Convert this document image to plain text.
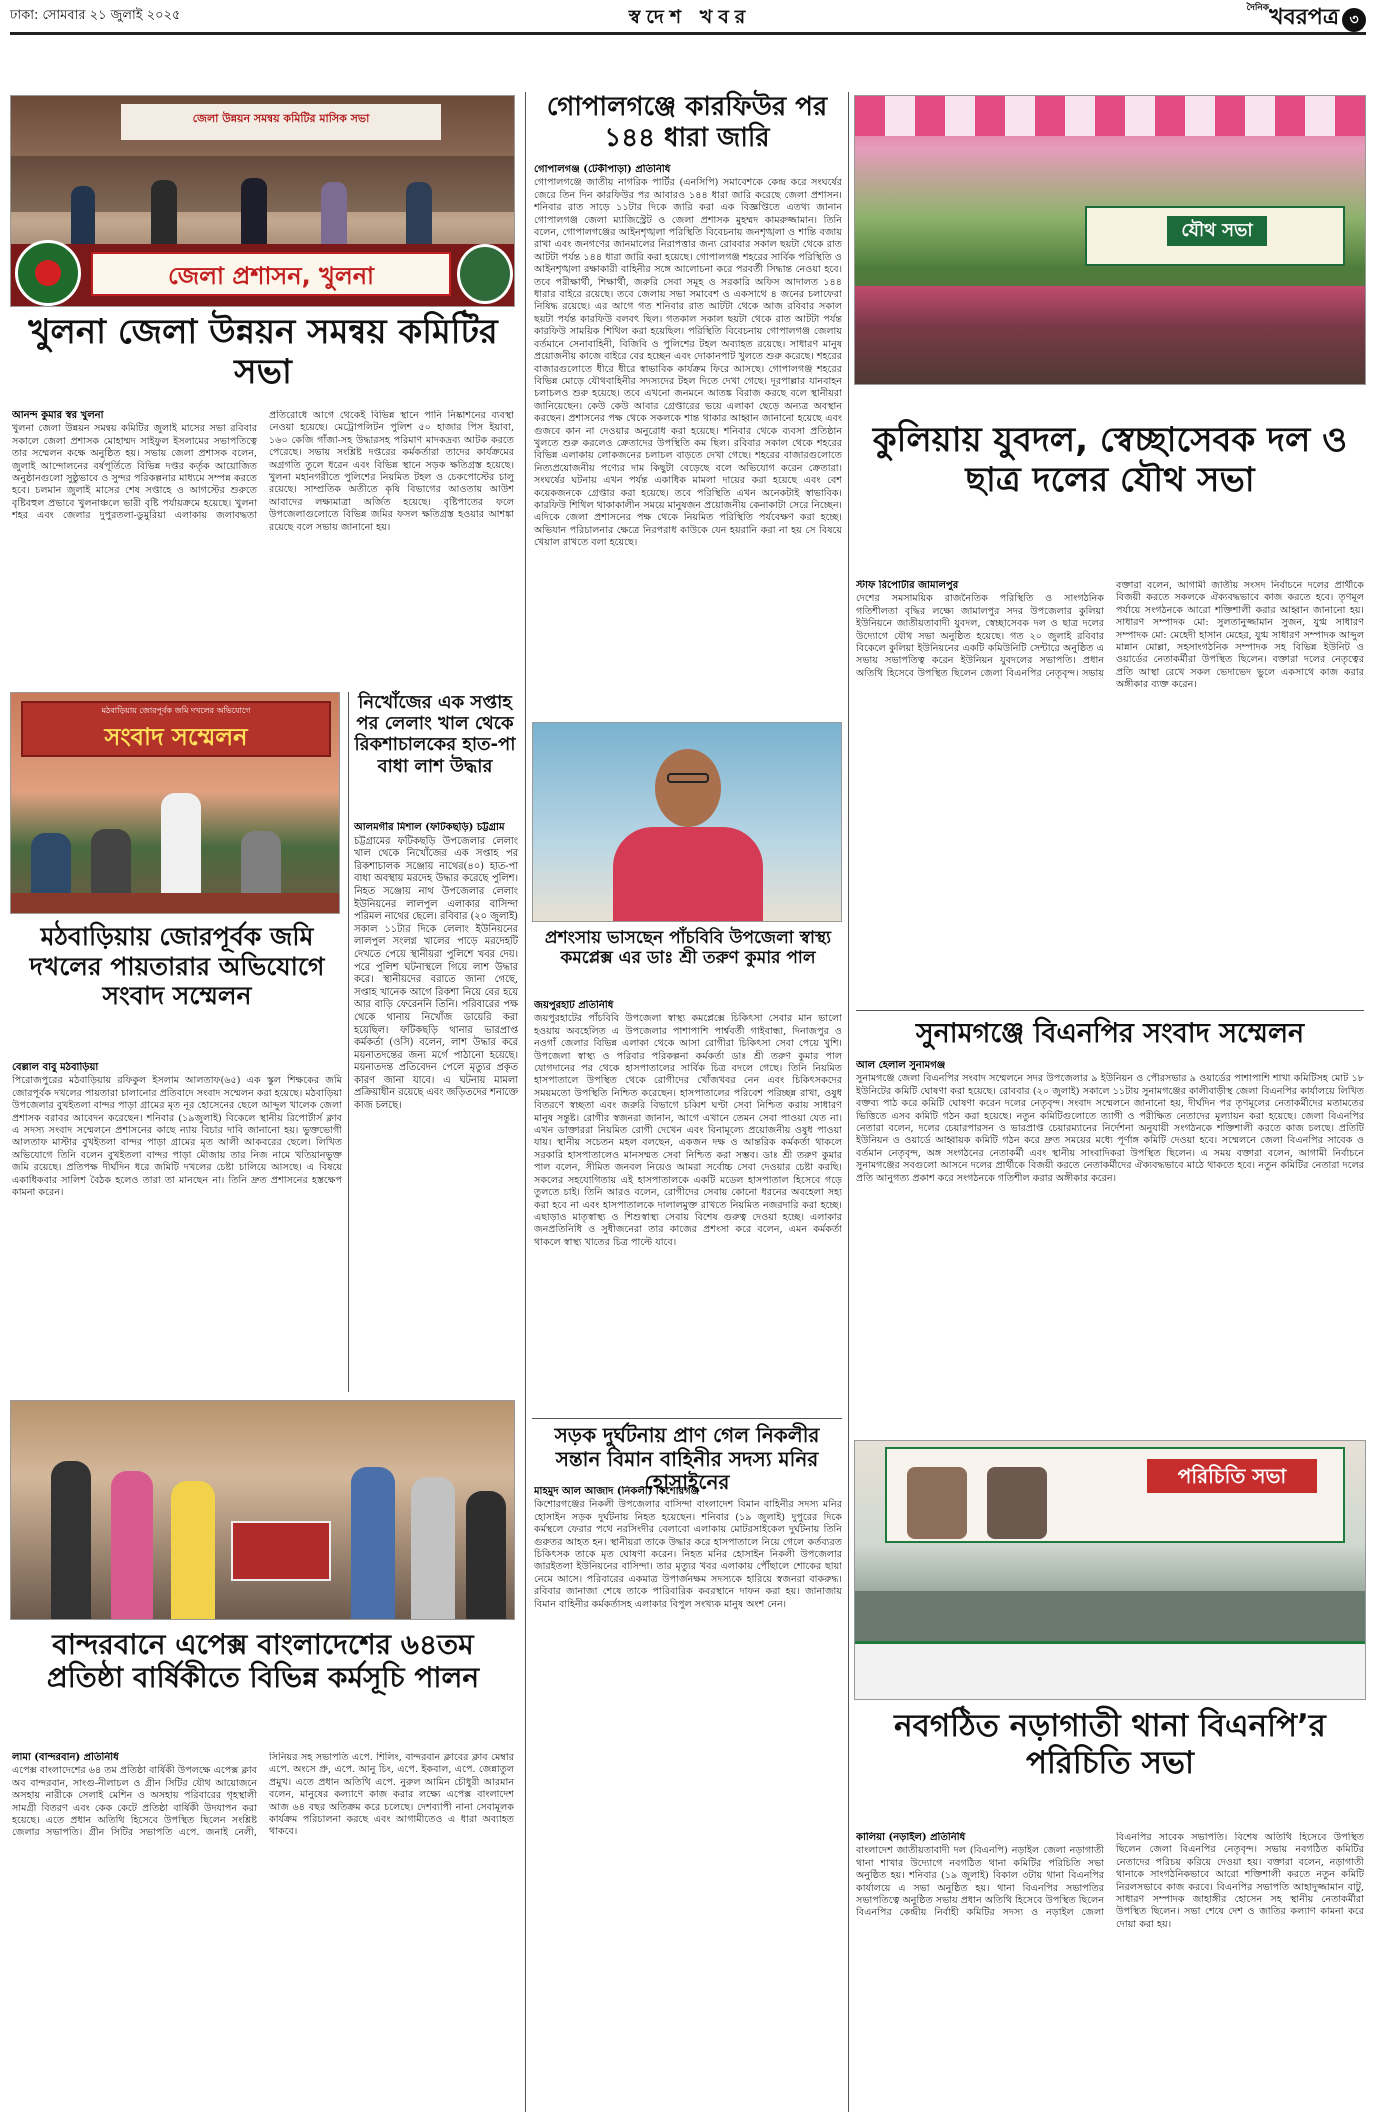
ঢাকা: সোমবার ২১ জুলাই ২০২৫	স্বদেশ খবর	$^{দৈনিক}$খবরপত্র ৩
জেলা উন্নয়ন সমন্বয় কমিটির মাসিক সভা
জেলা প্রশাসন, খুলনা
খুলনা জেলা উন্নয়ন সমন্বয় কমিটির সভা
আনন্দ কুমার স্বর খুলনা

খুলনা জেলা উন্নয়ন সমন্বয় কমিটির জুলাই মাসের সভা রবিবার সকালে জেলা প্রশাসক মোহাম্মদ সাইফুল ইসলামের সভাপতিত্বে তার সম্মেলন কক্ষে অনুষ্ঠিত হয়। সভায় জেলা প্রশাসক বলেন, জুলাই আন্দোলনের বর্ষপূর্তিতে বিভিন্ন দপ্তর কর্তৃক আয়োজিত অনুষ্ঠানগুলো সুষ্ঠুভাবে ও সুন্দর পরিকল্পনার মাধ্যমে সম্পন্ন করতে হবে। চলমান জুলাই মাসের শেষ সপ্তাহে ও আগস্টের শুরুতে বৃষ্টিবহুল প্রভাবে খুলনাঞ্চলে ভারী বৃষ্টি পর্যায়ক্রমে হয়েছে। খুলনা শহর এবং জেলার দুপুরতলা-ডুমুরিয়া এলাকায় জলাবদ্ধতা প্রতিরোধে আগে থেকেই বিভিন্ন স্থানে পানি নিষ্কাশনের ব্যবস্থা নেওয়া হয়েছে। মেট্রোপলিটন পুলিশ ৫০ হাজার পিস ইয়াবা, ১৬০ কেজি গাঁজা-সহ উদ্ধারসহ পরিমাণ মাদকদ্রব্য আটক করতে পেরেছে। সভায় সংশ্লিষ্ট দপ্তরের কর্মকর্তারা তাদের কার্যক্রমের অগ্রগতি তুলে ধরেন এবং বিভিন্ন স্থানে সড়ক ক্ষতিগ্রস্ত হয়েছে। খুলনা মহানগরীতে পুলিশের নিয়মিত টহল ও চেকপোস্টের চালু রয়েছে। সাম্প্রতিক অতীতে কৃষি বিভাগের আওতায় আউশ আবাদের লক্ষ্যমাত্রা অর্জিত হয়েছে। বৃষ্টিপাতের ফলে উপজেলাগুলোতে বিভিন্ন জমির ফসল ক্ষতিগ্রস্ত হওয়ার আশঙ্কা রয়েছে বলে সভায় জানানো হয়।

মঠবাড়িয়ায় জোরপূর্বক জমি দখলের অভিযোগে
সংবাদ সম্মেলন
মঠবাড়িয়ায় জোরপূর্বক জমি দখলের পায়তারার অভিযোগে সংবাদ সম্মেলন
বেল্লাল বাবু মঠবাড়িয়া

পিরোজপুরের মঠবাড়িয়ায় রফিকুল ইসলাম আলতাফ(৬৫) এক স্কুল শিক্ষকের জমি জোরপূর্বক দখলের পায়তারা চালানোর প্রতিবাদে সংবাদ সম্মেলন করা হয়েছে। মঠবাড়িয়া উপজেলার বুখইতলা বান্দর পাড়া গ্রামের মৃত নূর হোসেনের ছেলে আব্দুল খালেক জেলা প্রশাসক বরাবর আবেদন করেছেন। শনিবার (১৯জুলাই) বিকেলে স্থানীয় রিপোর্টার্স ক্লাব এ সদস্য সংবাদ সম্মেলনে প্রশাসনের কাছে ন্যায় বিচার দাবি জানানো হয়। ভুক্তভোগী আলতাফ মাস্টার বুখইতলা বান্দর পাড়া গ্রামের মৃত আলী আকবরের ছেলে। লিখিত অভিযোগে তিনি বলেন বুখইতলা বান্দর পাড়া মৌজায় তার নিজ নামে খতিয়ানভুক্ত জমি রয়েছে। প্রতিপক্ষ দীর্ঘদিন ধরে জমিটি দখলের চেষ্টা চালিয়ে আসছে। এ বিষয়ে একাধিকবার সালিশ বৈঠক হলেও তারা তা মানছেন না। তিনি দ্রুত প্রশাসনের হস্তক্ষেপ কামনা করেন।

নিখোঁজের এক সপ্তাহ পর লেলাং খাল থেকে রিকশাচালকের হাত-পা বাধা লাশ উদ্ধার
আলমগীর মিশাল (ফটিকছড়ি) চট্টগ্রাম

চট্টগ্রামের ফটিকছড়ি উপজেলার লেলাং খাল থেকে নিখোঁজের এক সপ্তাহ পর রিকশাচালক সঞ্জোয় নাথের(৪০) হাত-পা বাধা অবস্থায় মরদেহ উদ্ধার করেছে পুলিশ। নিহত সঞ্জোয় নাথ উপজেলার লেলাং ইউনিয়নের লালপুল এলাকার বাসিন্দা পরিমল নাথের ছেলে। রবিবার (২০ জুলাই) সকাল ১১টার দিকে লেলাং ইউনিয়নের লালপুল সংলগ্ন খালের পাড়ে মরদেহটি দেখতে পেয়ে স্থানীয়রা পুলিশে খবর দেয়। পরে পুলিশ ঘটনাস্থলে গিয়ে লাশ উদ্ধার করে। স্থানীয়দের বরাতে জানা গেছে, সপ্তাহ খানেক আগে রিকশা নিয়ে বের হয়ে আর বাড়ি ফেরেননি তিনি। পরিবারের পক্ষ থেকে থানায় নিখোঁজ ডায়েরি করা হয়েছিল। ফটিকছড়ি থানার ভারপ্রাপ্ত কর্মকর্তা (ওসি) বলেন, লাশ উদ্ধার করে ময়নাতদন্তের জন্য মর্গে পাঠানো হয়েছে। ময়নাতদন্ত প্রতিবেদন পেলে মৃত্যুর প্রকৃত কারণ জানা যাবে। এ ঘটনায় মামলা প্রক্রিয়াধীন রয়েছে এবং জড়িতদের শনাক্তে কাজ চলছে।

বান্দরবানে এপেক্স বাংলাদেশের ৬৪তম প্রতিষ্ঠা বার্ষিকীতে বিভিন্ন কর্মসূচি পালন
লামা (বান্দরবান) প্রতিনিধি

এপেক্স বাংলাদেশের ৬৪ তম প্রতিষ্ঠা বার্ষিকী উপলক্ষে এপেক্স ক্লাব অব বান্দরবান, সাংগু-নীলাচল ও গ্রীন সিটির যৌথ আয়োজনে অসহায় নারীকে সেলাই মেশিন ও অসহায় পরিবারের গৃহস্থালী সামগ্রী বিতরণ এবং কেক কেটে প্রতিষ্ঠা বার্ষিকী উদযাপন করা হয়েছে। এতে প্রধান অতিথি হিসেবে উপস্থিত ছিলেন সংশ্লিষ্ট জেলার সভাপতি। গ্রীন সিটির সভাপতি এপে. জনাই নেলী, সিনিয়র সহ সভাপতি এপে. শিলিং, বান্দরবান ক্লাবের ক্লাব মেম্বার এপে. অংসে প্রু, এপে. আনু চিং, এপে. ইকবাল, এপে. জেন্নাতুল প্রমুখ। এতে প্রধান অতিথি এপে. নুরুল আমিন চৌধুরী আরমান বলেন, মানুষের কল্যাণে কাজ করার লক্ষ্যে এপেক্স বাংলাদেশ আজ ৬৪ বছর অতিক্রম করে চলেছে। দেশব্যাপী নানা সেবামূলক কার্যক্রম পরিচালনা করছে এবং আগামীতেও এ ধারা অব্যাহত থাকবে।

গোপালগঞ্জে কারফিউর পর ১৪৪ ধারা জারি
গোপালগঞ্জ (টেকীপাড়া) প্রতিনিধি

গোপালগঞ্জে জাতীয় নাগরিক পার্টির (এনসিপি) সমাবেশকে কেন্দ্র করে সংঘর্ষের জেরে তিন দিন কারফিউর পর আবারও ১৪৪ ধারা জারি করেছে জেলা প্রশাসন। শনিবার রাত সাড়ে ১১টার দিকে জারি করা এক বিজ্ঞপ্তিতে এতথ্য জানান গোপালগঞ্জ জেলা ম্যাজিস্ট্রেট ও জেলা প্রশাসক মুহম্মদ কামরুজ্জামান। তিনি বলেন, গোপালগঞ্জের আইনশৃঙ্খলা পরিস্থিতি বিবেচনায় জনশৃঙ্খলা ও শান্তি বজায় রাখা এবং জনগণের জানমালের নিরাপত্তার জন্য রোববার সকাল ছয়টা থেকে রাত আটটা পর্যন্ত ১৪৪ ধারা জারি করা হয়েছে। গোপালগঞ্জ শহরের সার্বিক পরিস্থিতি ও আইনশৃঙ্খলা রক্ষাকারী বাহিনীর সঙ্গে আলোচনা করে পরবর্তী সিদ্ধান্ত নেওয়া হবে। তবে পরীক্ষার্থী, শিক্ষার্থী, জরুরি সেবা সমূহ ও সরকারি অফিস আদালত ১৪৪ ধারার বাইরে রয়েছে। তবে জেলায় সভা সমাবেশ ও একসাথে ৪ জনের চলাফেরা নিষিদ্ধ রয়েছে। এর আগে গত শনিবার রাত আটটা থেকে আজ রবিবার সকাল ছয়টা পর্যন্ত কারফিউ বলবৎ ছিল। গতকাল সকাল ছয়টা থেকে রাত আটটা পর্যন্ত কারফিউ সাময়িক শিথিল করা হয়েছিল। পরিস্থিতি বিবেচনায় গোপালগঞ্জ জেলায় বর্তমানে সেনাবাহিনী, বিজিবি ও পুলিশের টহল অব্যাহত রয়েছে। সাধারণ মানুষ প্রয়োজনীয় কাজে বাইরে বের হচ্ছেন এবং দোকানপাট খুলতে শুরু করেছে। শহরের বাজারগুলোতে ধীরে ধীরে স্বাভাবিক কার্যক্রম ফিরে আসছে। গোপালগঞ্জ শহরের বিভিন্ন মোড়ে যৌথবাহিনীর সদস্যদের টহল দিতে দেখা গেছে। দূরপাল্লার যানবাহন চলাচলও শুরু হয়েছে। তবে এখনো জনমনে আতঙ্ক বিরাজ করছে বলে স্থানীয়রা জানিয়েছেন। কেউ কেউ আবার গ্রেপ্তারের ভয়ে এলাকা ছেড়ে অন্যত্র অবস্থান করছেন। প্রশাসনের পক্ষ থেকে সকলকে শান্ত থাকার আহ্বান জানানো হয়েছে এবং গুজবে কান না দেওয়ার অনুরোধ করা হয়েছে। শনিবার থেকে ব্যবসা প্রতিষ্ঠান খুলতে শুরু করলেও ক্রেতাদের উপস্থিতি কম ছিল। রবিবার সকাল থেকে শহরের বিভিন্ন এলাকায় লোকজনের চলাচল বাড়তে দেখা গেছে। শহরের বাজারগুলোতে নিত্যপ্রয়োজনীয় পণ্যের দাম কিছুটা বেড়েছে বলে অভিযোগ করেন ক্রেতারা। সংঘর্ষের ঘটনায় এখন পর্যন্ত একাধিক মামলা দায়ের করা হয়েছে এবং বেশ কয়েকজনকে গ্রেপ্তার করা হয়েছে। তবে পরিস্থিতি এখন অনেকটাই স্বাভাবিক। কারফিউ শিথিল থাকাকালীন সময়ে মানুষজন প্রয়োজনীয় কেনাকাটা সেরে নিচ্ছেন। এদিকে জেলা প্রশাসনের পক্ষ থেকে নিয়মিত পরিস্থিতি পর্যবেক্ষণ করা হচ্ছে। অভিযান পরিচালনার ক্ষেত্রে নিরপরাধ কাউকে যেন হয়রানি করা না হয় সে বিষয়ে খেয়াল রাখতে বলা হয়েছে।

প্রশংসায় ভাসছেন পাঁচবিবি উপজেলা স্বাস্থ্য কমপ্লেক্স এর ডাঃ শ্রী তরুণ কুমার পাল
জয়পুরহাট প্রতিনিধি

জয়পুরহাটের পাঁচবিবি উপজেলা স্বাস্থ্য কমপ্লেক্সে চিকিৎসা সেবার মান ভালো হওয়ায় অবহেলিত এ উপজেলার পাশাপাশি পার্শ্ববর্তী গাইবান্ধা, দিনাজপুর ও নওগাঁ জেলার বিভিন্ন এলাকা থেকে আসা রোগীরা চিকিৎসা সেবা পেয়ে খুশি। উপজেলা স্বাস্থ্য ও পরিবার পরিকল্পনা কর্মকর্তা ডাঃ শ্রী তরুণ কুমার পাল যোগদানের পর থেকে হাসপাতালের সার্বিক চিত্র বদলে গেছে। তিনি নিয়মিত হাসপাতালে উপস্থিত থেকে রোগীদের খোঁজখবর নেন এবং চিকিৎসকদের সময়মতো উপস্থিতি নিশ্চিত করেছেন। হাসপাতালের পরিবেশ পরিচ্ছন্ন রাখা, ওষুধ বিতরণে স্বচ্ছতা এবং জরুরি বিভাগে চব্বিশ ঘণ্টা সেবা নিশ্চিত করায় সাধারণ মানুষ সন্তুষ্ট। রোগীর স্বজনরা জানান, আগে এখানে তেমন সেবা পাওয়া যেত না। এখন ডাক্তাররা নিয়মিত রোগী দেখেন এবং বিনামূল্যে প্রয়োজনীয় ওষুধ পাওয়া যায়। স্থানীয় সচেতন মহল বলছেন, একজন দক্ষ ও আন্তরিক কর্মকর্তা থাকলে সরকারি হাসপাতালেও মানসম্মত সেবা নিশ্চিত করা সম্ভব। ডাঃ শ্রী তরুণ কুমার পাল বলেন, সীমিত জনবল নিয়েও আমরা সর্বোচ্চ সেবা দেওয়ার চেষ্টা করছি। সকলের সহযোগিতায় এই হাসপাতালকে একটি মডেল হাসপাতাল হিসেবে গড়ে তুলতে চাই। তিনি আরও বলেন, রোগীদের সেবায় কোনো ধরনের অবহেলা সহ্য করা হবে না এবং হাসপাতালকে দালালমুক্ত রাখতে নিয়মিত নজরদারি করা হচ্ছে। এছাড়াও মাতৃস্বাস্থ্য ও শিশুস্বাস্থ্য সেবায় বিশেষ গুরুত্ব দেওয়া হচ্ছে। এলাকার জনপ্রতিনিধি ও সুধীজনেরা তার কাজের প্রশংসা করে বলেন, এমন কর্মকর্তা থাকলে স্বাস্থ্য খাতের চিত্র পাল্টে যাবে।

সড়ক দুর্ঘটনায় প্রাণ গেল নিকলীর সন্তান বিমান বাহিনীর সদস্য মনির হোসাইনের
মাহমুদ আল আজাদ (নিকলী) কিশোরগঞ্জ

কিশোরগঞ্জের নিকলী উপজেলার বাসিন্দা বাংলাদেশ বিমান বাহিনীর সদস্য মনির হোসাইন সড়ক দুর্ঘটনায় নিহত হয়েছেন। শনিবার (১৯ জুলাই) দুপুরের দিকে কর্মস্থলে ফেরার পথে নরসিংদীর বেলাবো এলাকায় মোটরসাইকেল দুর্ঘটনায় তিনি গুরুতর আহত হন। স্থানীয়রা তাকে উদ্ধার করে হাসপাতালে নিয়ে গেলে কর্তব্যরত চিকিৎসক তাকে মৃত ঘোষণা করেন। নিহত মনির হোসাইন নিকলী উপজেলার জারইতলা ইউনিয়নের বাসিন্দা। তার মৃত্যুর খবর এলাকায় পৌঁছালে শোকের ছায়া নেমে আসে। পরিবারের একমাত্র উপার্জনক্ষম সদস্যকে হারিয়ে স্বজনরা বাকরুদ্ধ। রবিবার জানাজা শেষে তাকে পারিবারিক কবরস্থানে দাফন করা হয়। জানাজায় বিমান বাহিনীর কর্মকর্তাসহ এলাকার বিপুল সংখ্যক মানুষ অংশ নেন।

যৌথ সভা
কুলিয়ায় যুবদল, স্বেচ্ছাসেবক দল ও ছাত্র দলের যৌথ সভা
স্টাফ রিপোর্টার জামালপুর

দেশের সমসাময়িক রাজনৈতিক পরিস্থিতি ও সাংগঠনিক গতিশীলতা বৃদ্ধির লক্ষ্যে জামালপুর সদর উপজেলার কুলিয়া ইউনিয়নে জাতীয়তাবাদী যুবদল, স্বেচ্ছাসেবক দল ও ছাত্র দলের উদ্যোগে যৌথ সভা অনুষ্ঠিত হয়েছে। গত ২০ জুলাই রবিবার বিকেলে কুলিয়া ইউনিয়নের একটি কমিউনিটি সেন্টারে অনুষ্ঠিত এ সভায় সভাপতিত্ব করেন ইউনিয়ন যুবদলের সভাপতি। প্রধান অতিথি হিসেবে উপস্থিত ছিলেন জেলা বিএনপির নেতৃবৃন্দ। সভায় বক্তারা বলেন, আগামী জাতীয় সংসদ নির্বাচনে দলের প্রার্থীকে বিজয়ী করতে সকলকে ঐক্যবদ্ধভাবে কাজ করতে হবে। তৃণমূল পর্যায়ে সংগঠনকে আরো শক্তিশালী করার আহ্বান জানানো হয়। সাধারণ সম্পাদক মো: সুলতানুজ্জামান সুজন, যুগ্ম সাধারণ সম্পাদক মো: মেহেদী হাসান মেহের, যুগ্ম সাধারণ সম্পাদক আব্দুল মান্নান মোল্লা, সহসাংগঠনিক সম্পাদক সহ বিভিন্ন ইউনিট ও ওয়ার্ডের নেতাকর্মীরা উপস্থিত ছিলেন। বক্তারা দলের নেতৃত্বের প্রতি আস্থা রেখে সকল ভেদাভেদ ভুলে একসাথে কাজ করার অঙ্গীকার ব্যক্ত করেন।

সুনামগঞ্জে বিএনপির সংবাদ সম্মেলন
আল হেলাল সুনামগঞ্জ

সুনামগঞ্জে জেলা বিএনপির সংবাদ সম্মেলনে সদর উপজেলার ৯ ইউনিয়ন ও পৌরসভার ৯ ওয়ার্ডের পাশাপাশি শাখা কমিটিসহ মোট ১৮ ইউনিটের কমিটি ঘোষণা করা হয়েছে। রোববার (২০ জুলাই) সকালে ১১টায় সুনামগঞ্জের কালীবাড়ীস্থ জেলা বিএনপির কার্যালয়ে লিখিত বক্তব্য পাঠ করে কমিটি ঘোষণা করেন দলের নেতৃবৃন্দ। সংবাদ সম্মেলনে জানানো হয়, দীর্ঘদিন পর তৃণমূলের নেতাকর্মীদের মতামতের ভিত্তিতে এসব কমিটি গঠন করা হয়েছে। নতুন কমিটিগুলোতে ত্যাগী ও পরীক্ষিত নেতাদের মূল্যায়ন করা হয়েছে। জেলা বিএনপির নেতারা বলেন, দলের চেয়ারপারসন ও ভারপ্রাপ্ত চেয়ারম্যানের নির্দেশনা অনুযায়ী সংগঠনকে শক্তিশালী করতে কাজ চলছে। প্রতিটি ইউনিয়ন ও ওয়ার্ডে আহ্বায়ক কমিটি গঠন করে দ্রুত সময়ের মধ্যে পূর্ণাঙ্গ কমিটি দেওয়া হবে। সম্মেলনে জেলা বিএনপির সাবেক ও বর্তমান নেতৃবৃন্দ, অঙ্গ সংগঠনের নেতাকর্মী এবং স্থানীয় সাংবাদিকরা উপস্থিত ছিলেন। এ সময় বক্তারা বলেন, আগামী নির্বাচনে সুনামগঞ্জের সবগুলো আসনে দলের প্রার্থীকে বিজয়ী করতে নেতাকর্মীদের ঐক্যবদ্ধভাবে মাঠে থাকতে হবে। নতুন কমিটির নেতারা দলের প্রতি আনুগত্য প্রকাশ করে সংগঠনকে গতিশীল করার অঙ্গীকার করেন।

পরিচিতি সভা
নবগঠিত নড়াগাতী থানা বিএনপি’র পরিচিতি সভা
কালিয়া (নড়াইল) প্রতিনিধি

বাংলাদেশ জাতীয়তাবাদী দল (বিএনপি) নড়াইল জেলা নড়াগাতী থানা শাখার উদ্যোগে নবগঠিত থানা কমিটির পরিচিতি সভা অনুষ্ঠিত হয়। শনিবার (১৯ জুলাই) বিকাল ৩টায় থানা বিএনপির কার্যালয়ে এ সভা অনুষ্ঠিত হয়। থানা বিএনপির সভাপতির সভাপতিত্বে অনুষ্ঠিত সভায় প্রধান অতিথি হিসেবে উপস্থিত ছিলেন বিএনপির কেন্দ্রীয় নির্বাহী কমিটির সদস্য ও নড়াইল জেলা বিএনপির সাবেক সভাপতি। বিশেষ অতিথি হিসেবে উপস্থিত ছিলেন জেলা বিএনপির নেতৃবৃন্দ। সভায় নবগঠিত কমিটির নেতাদের পরিচয় করিয়ে দেওয়া হয়। বক্তারা বলেন, নড়াগাতী থানাকে সাংগঠনিকভাবে আরো শক্তিশালী করতে নতুন কমিটি নিরলসভাবে কাজ করবে। বিএনপির সভাপতি আহাদুজ্জামান বাটু, সাধারণ সম্পাদক জাহাঙ্গীর হোসেন সহ স্থানীয় নেতাকর্মীরা উপস্থিত ছিলেন। সভা শেষে দেশ ও জাতির কল্যাণ কামনা করে দোয়া করা হয়।
